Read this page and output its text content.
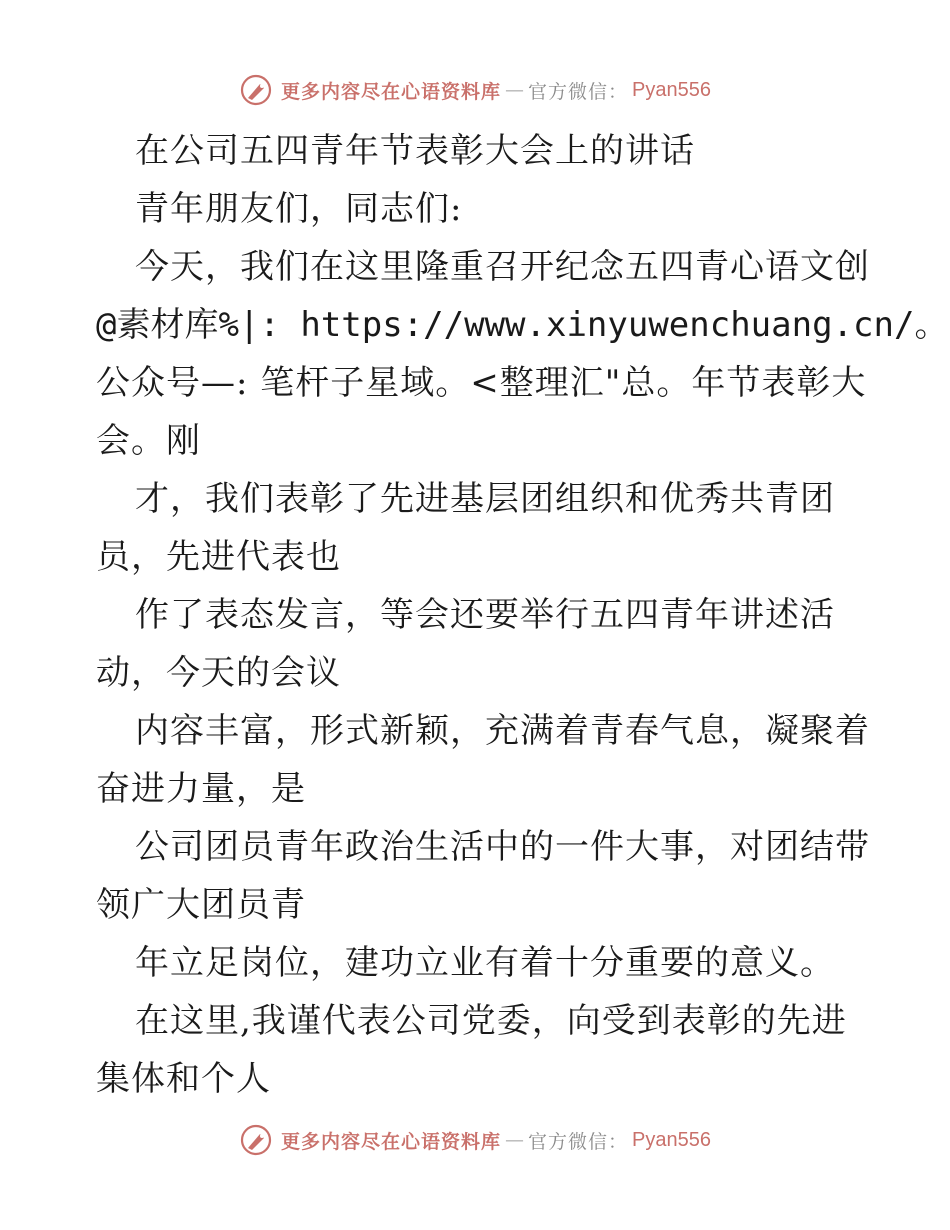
更多内容尽在心语资料库 — 官方微信： Pyan556
在公司五四青年节表彰大会上的讲话
青年朋友们，同志们:
今天，我们在这里隆重召开纪念五四青心语文创
@素材库%|: https://www.xinyuwenchuang.cn/。
公众号—: 笔杆子星域。<整理汇"总。年节表彰大
会。刚
才，我们表彰了先进基层团组织和优秀共青团
员，先进代表也
作了表态发言，等会还要举行五四青年讲述活
动，今天的会议
内容丰富，形式新颖，充满着青春气息，凝聚着
奋进力量，是
公司团员青年政治生活中的一件大事，对团结带
领广大团员青
年立足岗位，建功立业有着十分重要的意义。
在这里,我谨代表公司党委，向受到表彰的先进
集体和个人
更多内容尽在心语资料库 — 官方微信： Pyan556
